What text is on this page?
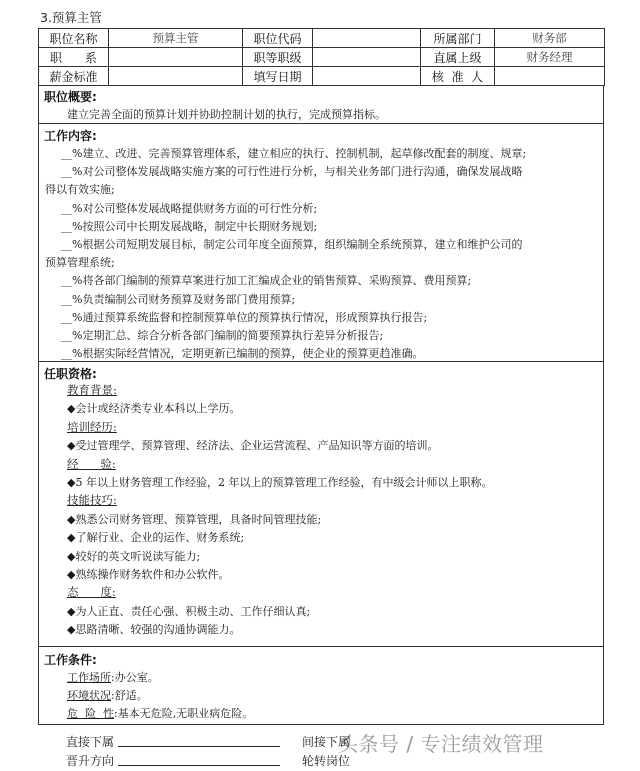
3.预算主管
职位名称	预算主管	职位代码		所属部门	财务部
职      系		职等职级		直属上级	财务经理
薪金标准		填写日期		核  准  人	
职位概要:
建立完善全面的预算计划并协助控制计划的执行，完成预算指标。
工作内容:
__%建立、改进、完善预算管理体系，建立相应的执行、控制机制，起草修改配套的制度、规章;
__%对公司整体发展战略实施方案的可行性进行分析，与相关业务部门进行沟通，确保发展战略
得以有效实施;
__%对公司整体发展战略提供财务方面的可行性分析;
__%按照公司中长期发展战略，制定中长期财务规划;
__%根据公司短期发展目标，制定公司年度全面预算，组织编制全系统预算，建立和维护公司的
预算管理系统;
__%将各部门编制的预算草案进行加工汇编成企业的销售预算、采购预算、费用预算;
__%负责编制公司财务预算及财务部门费用预算;
__%通过预算系统监督和控制预算单位的预算执行情况，形成预算执行报告;
__%定期汇总、综合分析各部门编制的简要预算执行差异分析报告;
__%根据实际经营情况，定期更新已编制的预算，使企业的预算更趋准确。
任职资格:
教育背景:
◆会计或经济类专业本科以上学历。
培训经历:
◆受过管理学、预算管理、经济法、企业运营流程、产品知识等方面的培训。
经      验:
◆5 年以上财务管理工作经验，2 年以上的预算管理工作经验，有中级会计师以上职称。
技能技巧:
◆熟悉公司财务管理、预算管理，具备时间管理技能;
◆了解行业、企业的运作、财务系统;
◆较好的英文听说读写能力;
◆熟练操作财务软件和办公软件。
态      度:
◆为人正直、责任心强、积极主动、工作仔细认真;
◆思路清晰、较强的沟通协调能力。
工作条件:
工作场所:办公室。
环境状况:舒适。
危  险  性:基本无危险,无职业病危险。
直接下属	间接下属
晋升方向	轮转岗位
头条号 / 专注绩效管理
